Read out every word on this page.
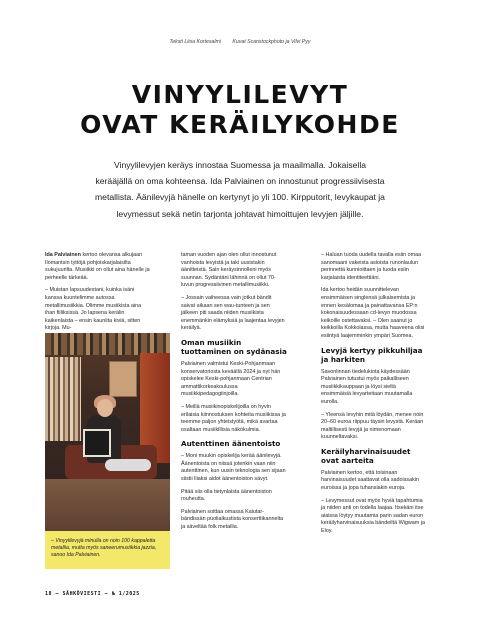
Teksti Liisa Kortesalmi Kuvat Scanstockphoto ja Vilvi Pyy
VINYYLILEVYT
OVAT KERÄILYKOHDE
Vinyylilevyjen keräys innostaa Suomessa ja maailmalla. Jokaisella kerääjällä on oma kohteensa. Ida Palviainen on innostunut progressiivisesta metallista. Äänilevyjä hänelle on kertynyt jo yli 100. Kirpputorit, levykaupat ja levymessut sekä netin tarjonta johtavat himoittujen levyjen jäljille.

Ida Palviainen kertoo olevansa alkujaan Ilomantsin tyttöjä pohjoiskarjalaisilta sukujuurilta. Musiikki on ollut aina hänelle ja perheelle tärkeää.

– Muistan lapsuudestani, kuinka isäni kanssa kuuntelimme autossa metallimusiikkia. Olimme musiikista aina ihan fiiliksissä. Jo lapsena kerälin kaikenlaista – ensin kauniita kiviä, sitten kirjoja. Mu-

– Vinyylilevyjä minulla on noin 100 kappaletta metallia, mutta myös saneerumusiikkia jazzia, sanoo Ida Palviainen.

taman vuoden ajan olen ollut innostunut vanhoista levyistä ja taki uusistakin äänitteistä. Sain keräysinnolleni myös suunnan. Sydäntäni lähinnä on ollut 70-luvun progressiivinen metallimusiikki.

– Jossain vaiheessa vain jotkut bändit saivat aikaan sen wau-tunteen ja sen jälkeen piti saada niiden musiikista enemmänkin elämyksiä ja laajentaa levyjen keräilyä.

Oman musiikin tuottaminen on sydänasia

Palviainen valmistui Keski-Pohjanmaan konservatoriosta keväällä 2024 ja nyt hän opiskelee Keski-pohjanmaan Centrian ammattikorkeakoulussa musiikkipedagogiinjoilla.

– Meillä musiikinopiskelijoilla on hyvin erilaisia kiinnostuksen kohteita musiikissa ja teemme paljon yhteistyötä, mikä avartaa osaltaan musiikillisia näkökulmia.

Autenttinen äänentoisto

– Moni muukin opiskelija kerää äänilevyjä. Äänentoista on niissä jotenkin vaan niin autenttinen, kun uusin teknologia sen sijaan siistii liiaksi aidot äänentoiston sävyt.

Pitää siis olla tietynlaista äänentoiston rouheutta.

Palviainen soittaa omassa Kaiutar-bändissän puolialkustista konserttikannelta ja säveltää folk metallia.

– Haluan tuoda uudella tavalla esiin omaa sanomaani vakeista asioista runonlaulun perinnettä kunnioittaen ja tuoda esiin karjalaista identiteettiäni.

Ida kertoo heidän suunnittelevan ensimmäisen singlensä julkaisemista ja ennen kesälomaa ja painattavansa EP:n kokonaisuudessaan cd-levyn muodossa keikoille ostettavaksi. – Olen saanut jo keikkoilla Kokkolassa, mutta haaveena olisi esiintyä laajemminkin ympäri Suomea.

Levyjä kertyy pikkuhiljaa ja harkiten

Savonlinnan tiedelukiota käydessään Palviainen tutustui myös paikalliseen musiikkikauppaan ja löysi sieltä ensimmäisiä levyarteitaan muutamalla eurolla.

– Yleensä levyhin mitä löydän, menee noin 20–60 euroa riippuu täysin levystä. Keräan maltillisesti levyjä ja nimenomaan kuunneltavaksi.

Keräilyharvinaisuudet ovat aarteita

Palviainen kertoo, että toisinaan harvinaisuudet saattavat olla sadoissakin euroissa ja jopa tuhansiakin euroja.

– Levymessut ovat myös hyviä tapahtumia ja niiden anti on todella laajaa. Itsekäni itse aiaissa löytyy muutamia parin sadan euron keräilyharvinaisuuksia bändeiltä Wigwam ja Eloy.

18 – SÄHKÖVIESTI – № 1/2025
